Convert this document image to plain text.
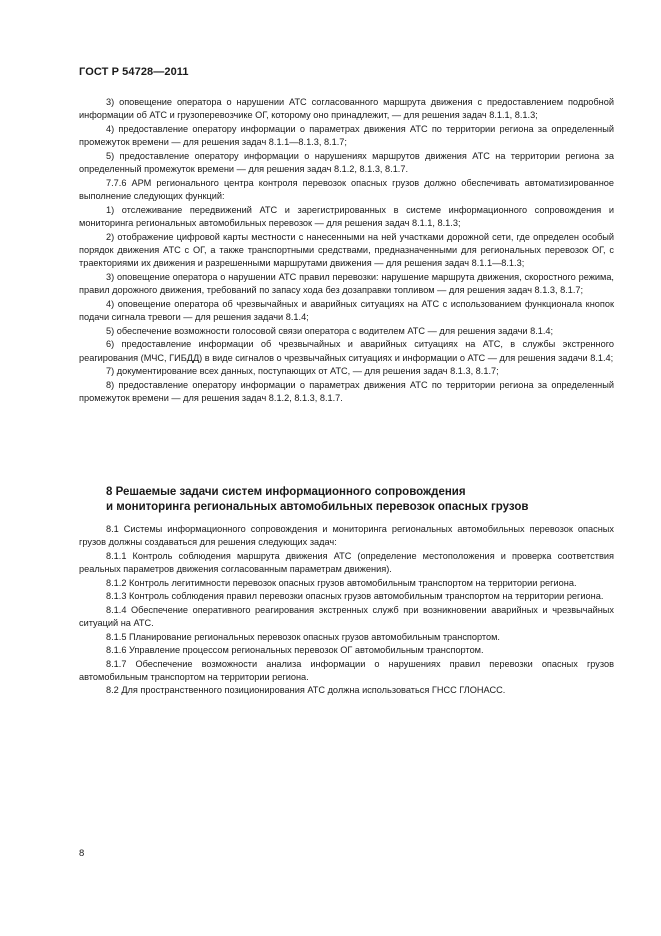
ГОСТ Р 54728—2011

3) оповещение оператора о нарушении АТС согласованного маршрута движения с предоставлением подробной информации об АТС и грузоперевозчике ОГ, которому оно принадлежит, — для решения задач 8.1.1, 8.1.3;

4) предоставление оператору информации о параметрах движения АТС по территории региона за определенный промежуток времени — для решения задач 8.1.1—8.1.3, 8.1.7;

5) предоставление оператору информации о нарушениях маршрутов движения АТС на территории региона за определенный промежуток времени — для решения задач 8.1.2, 8.1.3, 8.1.7.

7.7.6 АРМ регионального центра контроля перевозок опасных грузов должно обеспечивать автоматизированное выполнение следующих функций:

1) отслеживание передвижений АТС и зарегистрированных в системе информационного сопровождения и мониторинга региональных автомобильных перевозок — для решения задач 8.1.1, 8.1.3;

2) отображение цифровой карты местности с нанесенными на ней участками дорожной сети, где определен особый порядок движения АТС с ОГ, а также транспортными средствами, предназначенными для региональных перевозок ОГ, с траекториями их движения и разрешенными маршрутами движения — для решения задач 8.1.1—8.1.3;

3) оповещение оператора о нарушении АТС правил перевозки: нарушение маршрута движения, скоростного режима, правил дорожного движения, требований по запасу хода без дозаправки топливом — для решения задач 8.1.3, 8.1.7;

4) оповещение оператора об чрезвычайных и аварийных ситуациях на АТС с использованием функционала кнопок подачи сигнала тревоги — для решения задачи 8.1.4;

5) обеспечение возможности голосовой связи оператора с водителем АТС — для решения задачи 8.1.4;

6) предоставление информации об чрезвычайных и аварийных ситуациях на АТС, в службы экстренного реагирования (МЧС, ГИБДД) в виде сигналов о чрезвычайных ситуациях и информации о АТС — для решения задачи 8.1.4;

7) документирование всех данных, поступающих от АТС, — для решения задач 8.1.3, 8.1.7;

8) предоставление оператору информации о параметрах движения АТС по территории региона за определенный промежуток времени — для решения задач 8.1.2, 8.1.3, 8.1.7.

8 Решаемые задачи систем информационного сопровождения
и мониторинга региональных автомобильных перевозок опасных грузов

8.1 Системы информационного сопровождения и мониторинга региональных автомобильных перевозок опасных грузов должны создаваться для решения следующих задач:

8.1.1 Контроль соблюдения маршрута движения АТС (определение местоположения и проверка соответствия реальных параметров движения согласованным параметрам движения).

8.1.2 Контроль легитимности перевозок опасных грузов автомобильным транспортом на территории региона.

8.1.3 Контроль соблюдения правил перевозки опасных грузов автомобильным транспортом на территории региона.

8.1.4 Обеспечение оперативного реагирования экстренных служб при возникновении аварийных и чрезвычайных ситуаций на АТС.

8.1.5 Планирование региональных перевозок опасных грузов автомобильным транспортом.

8.1.6 Управление процессом региональных перевозок ОГ автомобильным транспортом.

8.1.7 Обеспечение возможности анализа информации о нарушениях правил перевозки опасных грузов автомобильным транспортом на территории региона.

8.2 Для пространственного позиционирования АТС должна использоваться ГНСС ГЛОНАСС.

8
